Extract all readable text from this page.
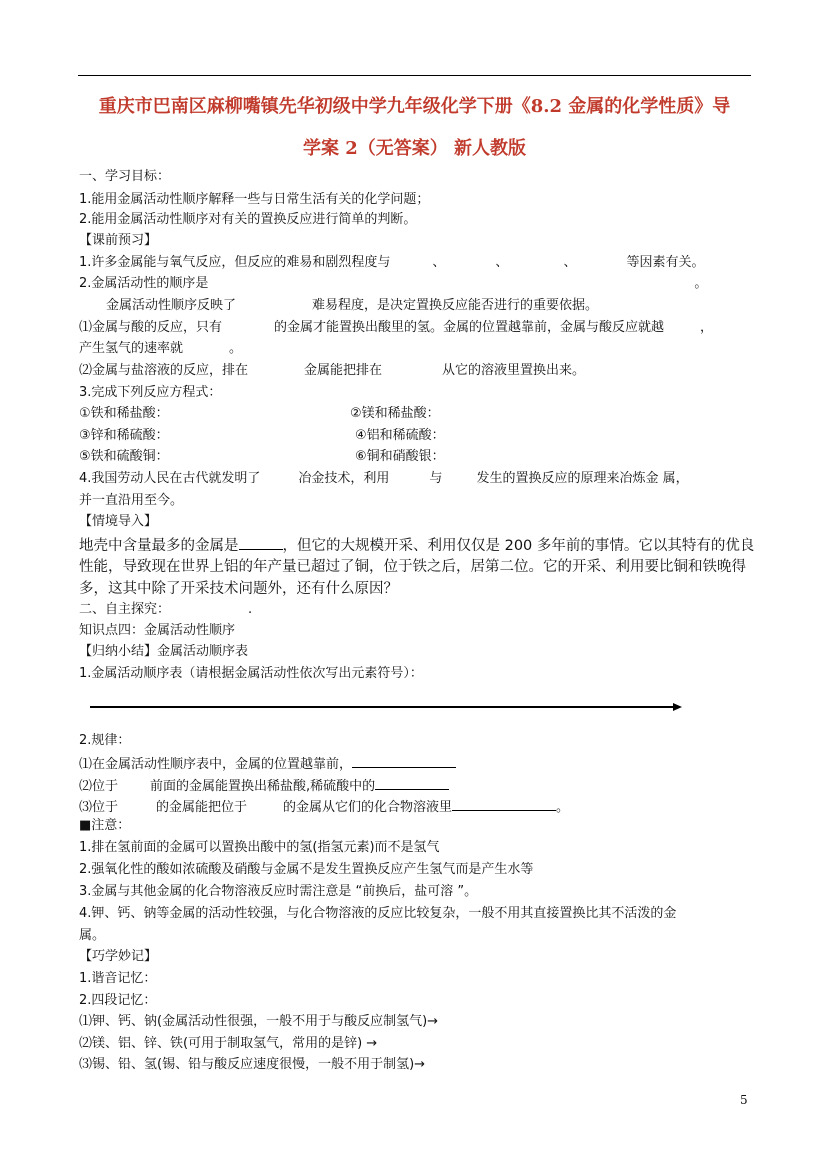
重庆市巴南区麻柳嘴镇先华初级中学九年级化学下册《8.2 金属的化学性质》导
学案 2（无答案） 新人教版
一、学习目标：
1.能用金属活动性顺序解释一些与日常生活有关的化学问题；
2.能用金属活动性顺序对有关的置换反应进行简单的判断。
【课前预习】
1.许多金属能与氧气反应，但反应的难易和剧烈程度与	、	、	、	等因素有关。
2.金属活动性的顺序是	。
金属活动性顺序反映了	难易程度，是决定置换反应能否进行的重要依据。
⑴金属与酸的反应，只有	的金属才能置换出酸里的氢。金属的位置越靠前，金属与酸反应就越	，
产生氢气的速率就	。
⑵金属与盐溶液的反应，排在	金属能把排在	从它的溶液里置换出来。
3.完成下列反应方程式：
①铁和稀盐酸：	②镁和稀盐酸：
③锌和稀硫酸：	④铝和稀硫酸：
⑤铁和硫酸铜：	⑥铜和硝酸银：
4.我国劳动人民在古代就发明了	冶金技术，利用	与	发生的置换反应的原理来冶炼金 属，
并一直沿用至今。
【情境导入】
地壳中含量最多的金属是	，但它的大规模开采、利用仅仅是 200 多年前的事情。它以其特有的优良
性能，导致现在世界上铝的年产量已超过了铜，位于铁之后，居第二位。它的开采、利用要比铜和铁晚得
多，这其中除了开采技术问题外，还有什么原因？
二、自主探究：	.
知识点四：金属活动性顺序
【归纳小结】金属活动顺序表
1.金属活动顺序表（请根据金属活动性依次写出元素符号）：
2.规律：
⑴在金属活动性顺序表中，金属的位置越靠前，
⑵位于 前面的金属能置换出稀盐酸,稀硫酸中的
⑶位于	的金属能把位于	的金属从它们的化合物溶液里	。
■注意：
1.排在氢前面的金属可以置换出酸中的氢(指氢元素)而不是氢气
2.强氧化性的酸如浓硫酸及硝酸与金属不是发生置换反应产生氢气而是产生水等
3.金属与其他金属的化合物溶液反应时需注意是 “前换后，盐可溶 ”。
4.钾、钙、钠等金属的活动性较强，与化合物溶液的反应比较复杂，一般不用其直接置换比其不活泼的金
属。
【巧学妙记】
1.谐音记忆：
2.四段记忆：
⑴钾、钙、钠(金属活动性很强，一般不用于与酸反应制氢气)→
⑵镁、铝、锌、铁(可用于制取氢气，常用的是锌) →
⑶锡、铅、氢(锡、铅与酸反应速度很慢，一般不用于制氢)→
5
